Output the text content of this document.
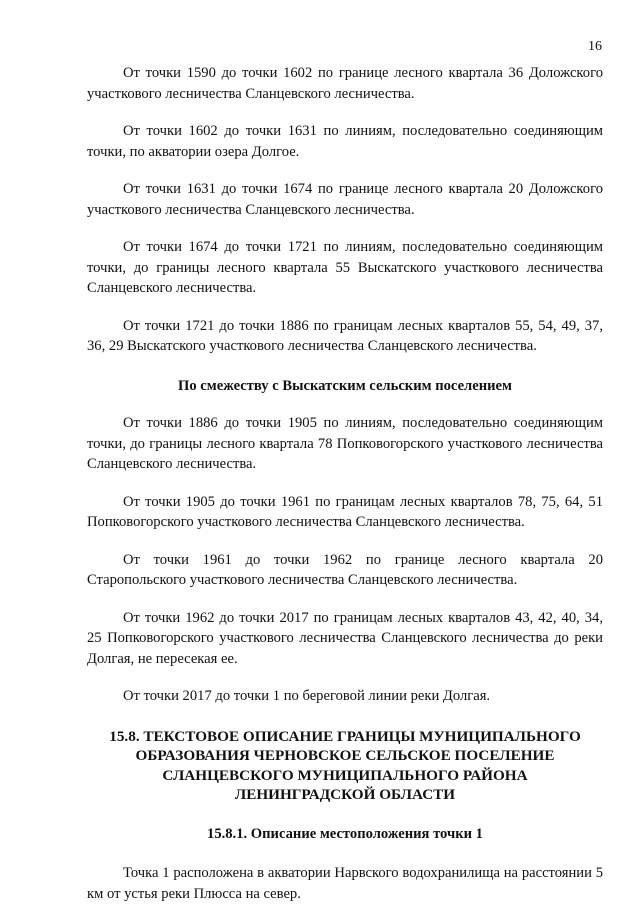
16

От точки 1590 до точки 1602 по границе лесного квартала 36 Доложского участкового лесничества Сланцевского лесничества.

От точки 1602 до точки 1631 по линиям, последовательно соединяющим точки, по акватории озера Долгое.

От точки 1631 до точки 1674 по границе лесного квартала 20 Доложского участкового лесничества Сланцевского лесничества.

От точки 1674 до точки 1721 по линиям, последовательно соединяющим точки, до границы лесного квартала 55 Выскатского участкового лесничества Сланцевского лесничества.

От точки 1721 до точки 1886 по границам лесных кварталов 55, 54, 49, 37, 36, 29 Выскатского участкового лесничества Сланцевского лесничества.

По смежеству с Выскатским сельским поселением

От точки 1886 до точки 1905 по линиям, последовательно соединяющим точки, до границы лесного квартала 78 Попковогорского участкового лесничества Сланцевского лесничества.

От точки 1905 до точки 1961 по границам лесных кварталов 78, 75, 64, 51 Попковогорского участкового лесничества Сланцевского лесничества.

От точки 1961 до точки 1962 по границе лесного квартала 20 Старопольского участкового лесничества Сланцевского лесничества.

От точки 1962 до точки 2017 по границам лесных кварталов 43, 42, 40, 34, 25 Попковогорского участкового лесничества Сланцевского лесничества до реки Долгая, не пересекая ее.

От точки 2017 до точки 1 по береговой линии реки Долгая.

15.8. ТЕКСТОВОЕ ОПИСАНИЕ ГРАНИЦЫ МУНИЦИПАЛЬНОГО

ОБРАЗОВАНИЯ ЧЕРНОВСКОЕ СЕЛЬСКОЕ ПОСЕЛЕНИЕ

СЛАНЦЕВСКОГО МУНИЦИПАЛЬНОГО РАЙОНА

ЛЕНИНГРАДСКОЙ ОБЛАСТИ

15.8.1. Описание местоположения точки 1

Точка 1 расположена в акватории Нарвского водохранилища на расстоянии 5 км от устья реки Плюсса на север.
